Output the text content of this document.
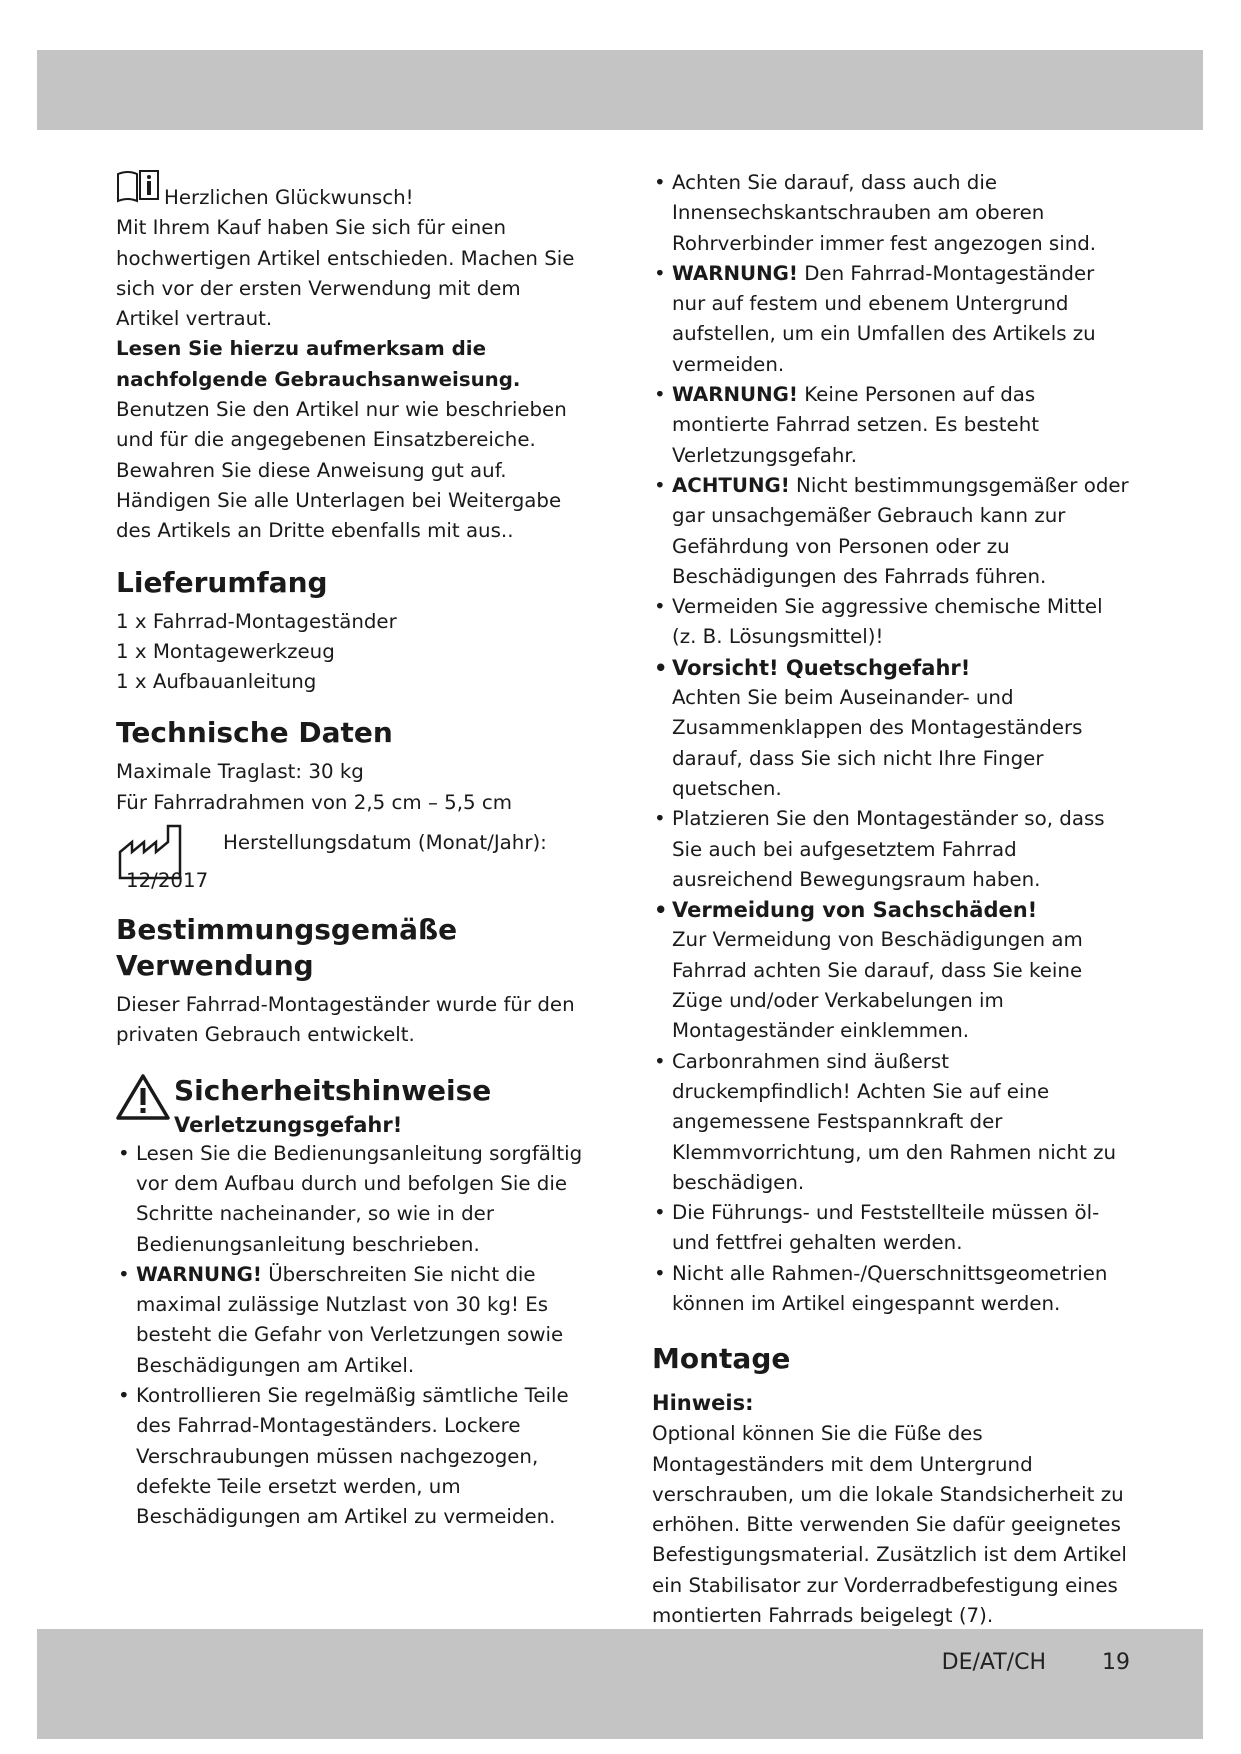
Herzlichen Glückwunsch!

Mit Ihrem Kauf haben Sie sich für einen hochwertigen Artikel entschieden. Machen Sie sich vor der ersten Verwendung mit dem Artikel vertraut.

Lesen Sie hierzu aufmerksam die nachfolgende Gebrauchsanweisung.

Benutzen Sie den Artikel nur wie beschrieben und für die angegebenen Einsatzbereiche. Bewahren Sie diese Anweisung gut auf. Händigen Sie alle Unterlagen bei Weitergabe des Artikels an Dritte ebenfalls mit aus..

Lieferumfang

1 x Fahrrad-Montageständer

1 x Montagewerkzeug

1 x Aufbauanleitung

Technische Daten

Maximale Traglast: 30 kg

Für Fahrradrahmen von 2,5 cm – 5,5 cm

Herstellungsdatum (Monat/Jahr):
12/2017
Bestimmungsgemäße Verwendung

Dieser Fahrrad-Montageständer wurde für den privaten Gebrauch entwickelt.

Sicherheitshinweise
Verletzungsgefahr!

• Lesen Sie die Bedienungsanleitung sorgfältig vor dem Aufbau durch und befolgen Sie die Schritte nacheinander, so wie in der Bedienungsanleitung beschrieben.

• WARNUNG! Überschreiten Sie nicht die maximal zulässige Nutzlast von 30 kg! Es besteht die Gefahr von Verletzungen sowie Beschädigungen am Artikel.

• Kontrollieren Sie regelmäßig sämtliche Teile des Fahrrad-Montageständers. Lockere Verschraubungen müssen nachgezogen, defekte Teile ersetzt werden, um Beschädigungen am Artikel zu vermeiden.

• Achten Sie darauf, dass auch die Innensechskantschrauben am oberen Rohrverbinder immer fest angezogen sind.

• WARNUNG! Den Fahrrad-Montageständer nur auf festem und ebenem Untergrund aufstellen, um ein Umfallen des Artikels zu vermeiden.

• WARNUNG! Keine Personen auf das montierte Fahrrad setzen. Es besteht Verletzungsgefahr.

• ACHTUNG! Nicht bestimmungsgemäßer oder gar unsachgemäßer Gebrauch kann zur Gefährdung von Personen oder zu Beschädigungen des Fahrrads führen.

• Vermeiden Sie aggressive chemische Mittel (z. B. Lösungsmittel)!

• Vorsicht! Quetschgefahr!

Achten Sie beim Auseinander- und Zusammenklappen des Montageständers darauf, dass Sie sich nicht Ihre Finger quetschen.

• Platzieren Sie den Montageständer so, dass Sie auch bei aufgesetztem Fahrrad ausreichend Bewegungsraum haben.

• Vermeidung von Sachschäden!

Zur Vermeidung von Beschädigungen am Fahrrad achten Sie darauf, dass Sie keine Züge und/oder Verkabelungen im Montageständer einklemmen.

• Carbonrahmen sind äußerst druckempfindlich! Achten Sie auf eine angemessene Festspannkraft der Klemmvorrichtung, um den Rahmen nicht zu beschädigen.

• Die Führungs- und Feststellteile müssen öl- und fettfrei gehalten werden.

• Nicht alle Rahmen-/Querschnittsgeometrien können im Artikel eingespannt werden.

Montage
Hinweis:

Optional können Sie die Füße des Montageständers mit dem Untergrund verschrauben, um die lokale Standsicherheit zu erhöhen. Bitte verwenden Sie dafür geeignetes Befestigungsmaterial. Zusätzlich ist dem Artikel ein Stabilisator zur Vorderradbefestigung eines montierten Fahrrads beigelegt (7).

DE/AT/CH	19
